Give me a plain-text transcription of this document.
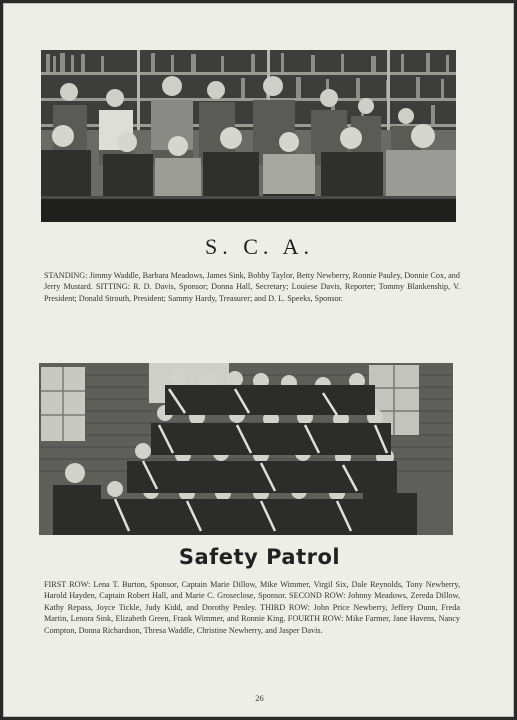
S. C. A.

STANDING: Jimmy Waddle, Barbara Meadows, James Sink, Bobby Taylor, Betty Newberry, Ronnie Pauley, Donnie Cox, and Jerry Mustard. SITTING: R. D. Davis, Sponsor; Donna Hall, Secretary; Louiese Davis, Reporter; Tommy Blankenship, V. President; Donald Strouth, President; Sammy Hardy, Treasurer; and D. L. Speeks, Sponsor.

Safety Patrol

FIRST ROW: Lena T. Burton, Sponsor, Captain Marie Dillow, Mike Wimmer, Virgil Six, Dale Reynolds, Tony Newberry, Harold Hayden, Captain Robert Hall, and Marie C. Groseclose, Sponsor. SECOND ROW: Johnny Meadows, Zereda Dillow, Kathy Repass, Joyce Tickle, Judy Kidd, and Dorothy Penley. THIRD ROW: John Price Newberry, Jeffery Dunn, Freda Martin, Lenora Sink, Elizabeth Green, Frank Wimmer, and Ronnie King. FOURTH ROW: Mike Farmer, Jane Havens, Nancy Compton, Donna Richardson, Thresa Waddle, Christine Newberry, and Jasper Davis.

26
